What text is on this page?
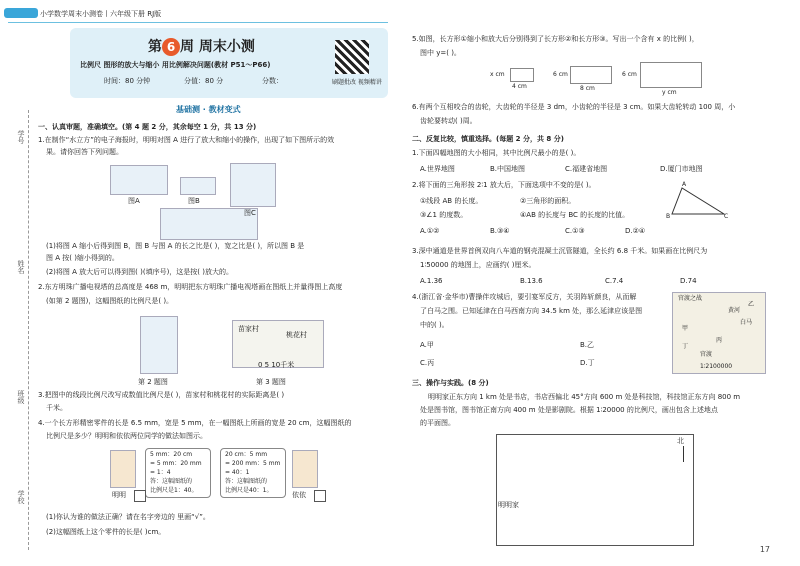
小学数学周末小测卷丨六年级下册 RJ版
第 6 周 周末小测
比例尺 图形的放大与缩小 用比例解决问题(教材 P51～P66)
时间：80 分钟	分值：80 分	分数：	刷题批改 视频精讲
基础测 · 教材变式
学号
姓名
班级
学校
一、认真审题，准确填空。(第 4 题 2 分，其余每空 1 分，共 13 分)
1.在制作“水立方”的电子海报时，明明对图 A 进行了放大和缩小的操作，出现了如下图所示的效
果。请你回答下列问题。
图A	图B
图C
(1)将图 A 缩小后得到图 B，图 B 与图 A 的长之比是( )，宽之比是( )，所以图 B 是
图 A 按( )缩小得到的。
(2)将图 A 放大后可以得到图( )(填序号)，这是按( )放大的。
2.东方明珠广播电视塔的总高度是 468 m，明明把东方明珠广播电视塔画在图纸上并量得图上高度
(如第 2 题图)，这幅图纸的比例尺是( )。
第 2 题图
苗家村
桃花村
0 5 10千米
第 3 题图
3.把图中的线段比例尺改写成数值比例尺是( )，苗家村和桃花村的实际距离是( )
千米。
4.一个长方形精密零件的长是 6.5 mm，宽是 5 mm，在一幅图纸上所画的宽是 20 cm，这幅图纸的
比例尺是多少？明明和依依两位同学的做法如图示。
5 mm：20 cm
= 5 mm：20 mm
= 1：4
答：这幅图纸的
比例尺是1：40。
20 cm：5 mm
= 200 mm：5 mm
= 40：1
答：这幅图纸的
比例尺是40：1。
明明	依依
(1)你认为谁的做法正确？请在名字旁边的 里画“√”。
(2)这幅图纸上这个零件的长是( )cm。
5.如图，长方形①缩小和放大后分别得到了长方形②和长方形③。写出一个含有 x 的比例( )，
图中 y=( )。
x cm
4 cm
6 cm
8 cm
6 cm
y cm
6.有两个互相咬合的齿轮，大齿轮的半径是 3 dm，小齿轮的半径是 3 cm。如果大齿轮转动 100 周，小
齿轮要转动( )周。
二、反复比较，慎重选择。(每题 2 分，共 8 分)
1.下面四幅地图的大小相同，其中比例尺最小的是( )。
A.世界地图	B.中国地图	C.福建省地图	D.厦门市地图
2.将下面的三角形按 2∶1 放大后，下面选项中不变的是( )。
①线段 AB 的长度。	②三角形的面积。
③∠1 的度数。	④AB 的长度与 BC 的长度的比值。
A.①②	B.③④	C.①③	D.②④
A
B	C
3.深中通道是世界首例双向八车道的钢壳混凝土沉管隧道，全长约 6.8 千米。如果画在比例尺为
1∶50000 的地图上，应画约( )厘米。
A.1.36	B.13.6	C.7.4	D.74
4.(浙江省·金华市)曹操伴攻城后，要引宴军反方，关羽阵斩颜良，从而解
了白马之围。已知延津在白马西南方向 34.5 km 处，那么延津应该是图
中的( )。
A.甲	B.乙
C.丙	D.丁
官渡之战
乙
甲
白马
丙
官渡
丁
黄河
1∶2100000
三、操作与实践。(8 分)
明明家正东方向 1 km 处是书店，书店西偏北 45°方向 600 m 处是科技馆，科技馆正东方向 800 m
处是图书馆，图书馆正南方向 400 m 处是影剧院。根据 1∶20000 的比例尺，画出包含上述地点
的平面图。
北
明明家
17
